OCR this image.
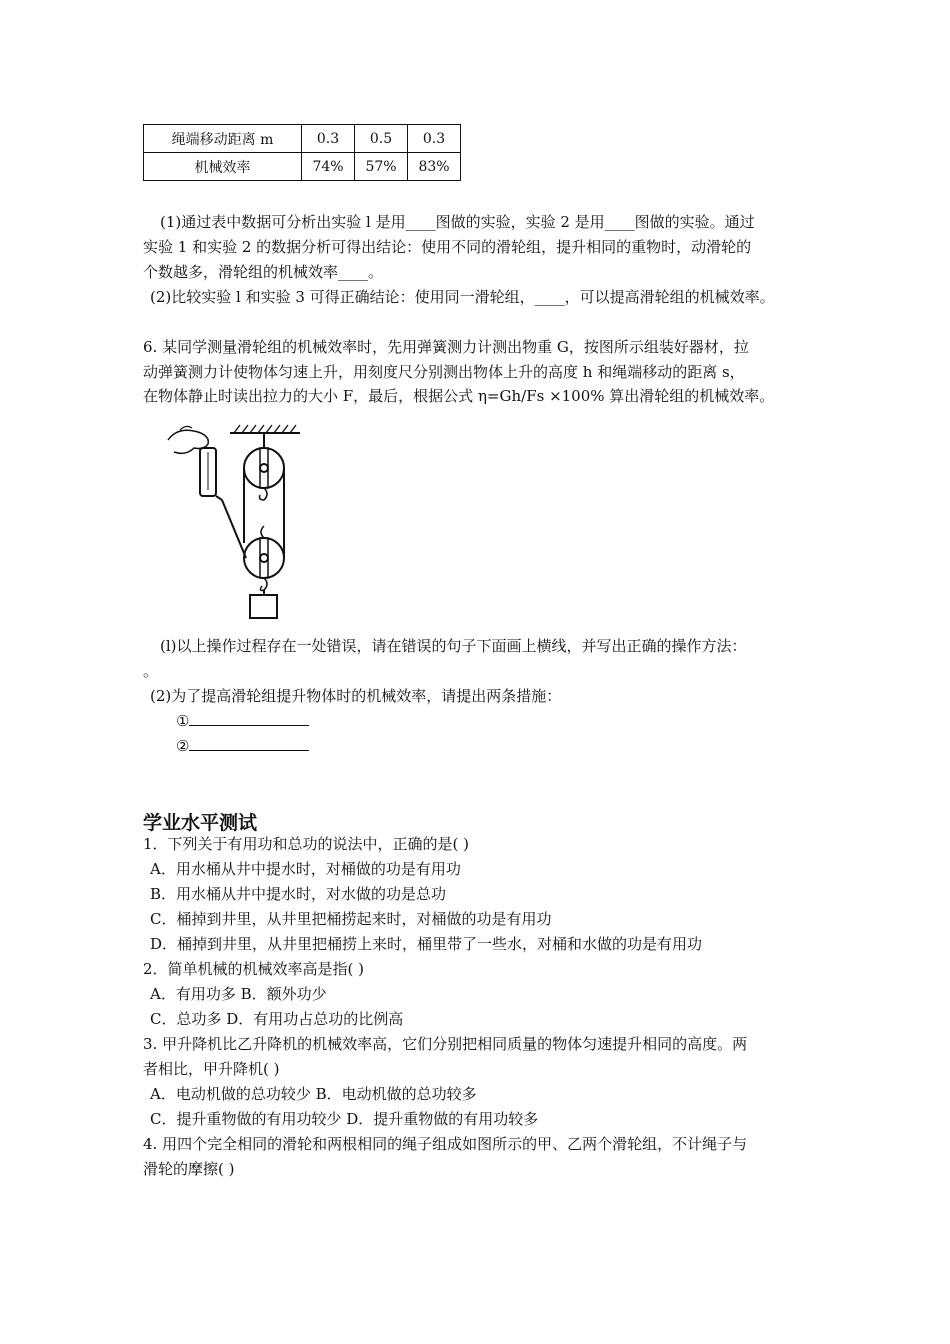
绳端移动距离 m	0.3	0.5	0.3
机械效率	74%	57%	83%
(1)通过表中数据可分析出实验 l 是用____图做的实验，实验 2 是用____图做的实验。通过
实验 1 和实验 2 的数据分析可得出结论：使用不同的滑轮组，提升相同的重物时，动滑轮的
个数越多，滑轮组的机械效率____。
(2)比较实验 l 和实验 3 可得正确结论：使用同一滑轮组，____，可以提高滑轮组的机械效率。
6. 某同学测量滑轮组的机械效率时，先用弹簧测力计测出物重 G，按图所示组装好器材，拉
动弹簧测力计使物体匀速上升，用刻度尺分别测出物体上升的高度 h 和绳端移动的距离 s，
在物体静止时读出拉力的大小 F，最后，根据公式 η=Gh/Fs ×100% 算出滑轮组的机械效率。
(l)以上操作过程存在一处错误，请在错误的句子下面画上横线，并写出正确的操作方法：
。
(2)为了提高滑轮组提升物体时的机械效率，请提出两条措施：
①
②
学业水平测试
1．下列关于有用功和总功的说法中，正确的是( )
A．用水桶从井中提水时，对桶做的功是有用功
B．用水桶从井中提水时，对水做的功是总功
C．桶掉到井里，从井里把桶捞起来时，对桶做的功是有用功
D．桶掉到井里，从井里把桶捞上来时，桶里带了一些水，对桶和水做的功是有用功
2．简单机械的机械效率高是指( )
A．有用功多 B．额外功少
C．总功多 D．有用功占总功的比例高
3. 甲升降机比乙升降机的机械效率高，它们分别把相同质量的物体匀速提升相同的高度。两
者相比，甲升降机( )
A．电动机做的总功较少 B．电动机做的总功较多
C．提升重物做的有用功较少 D．提升重物做的有用功较多
4. 用四个完全相同的滑轮和两根相同的绳子组成如图所示的甲、乙两个滑轮组，不计绳子与
滑轮的摩擦( )
